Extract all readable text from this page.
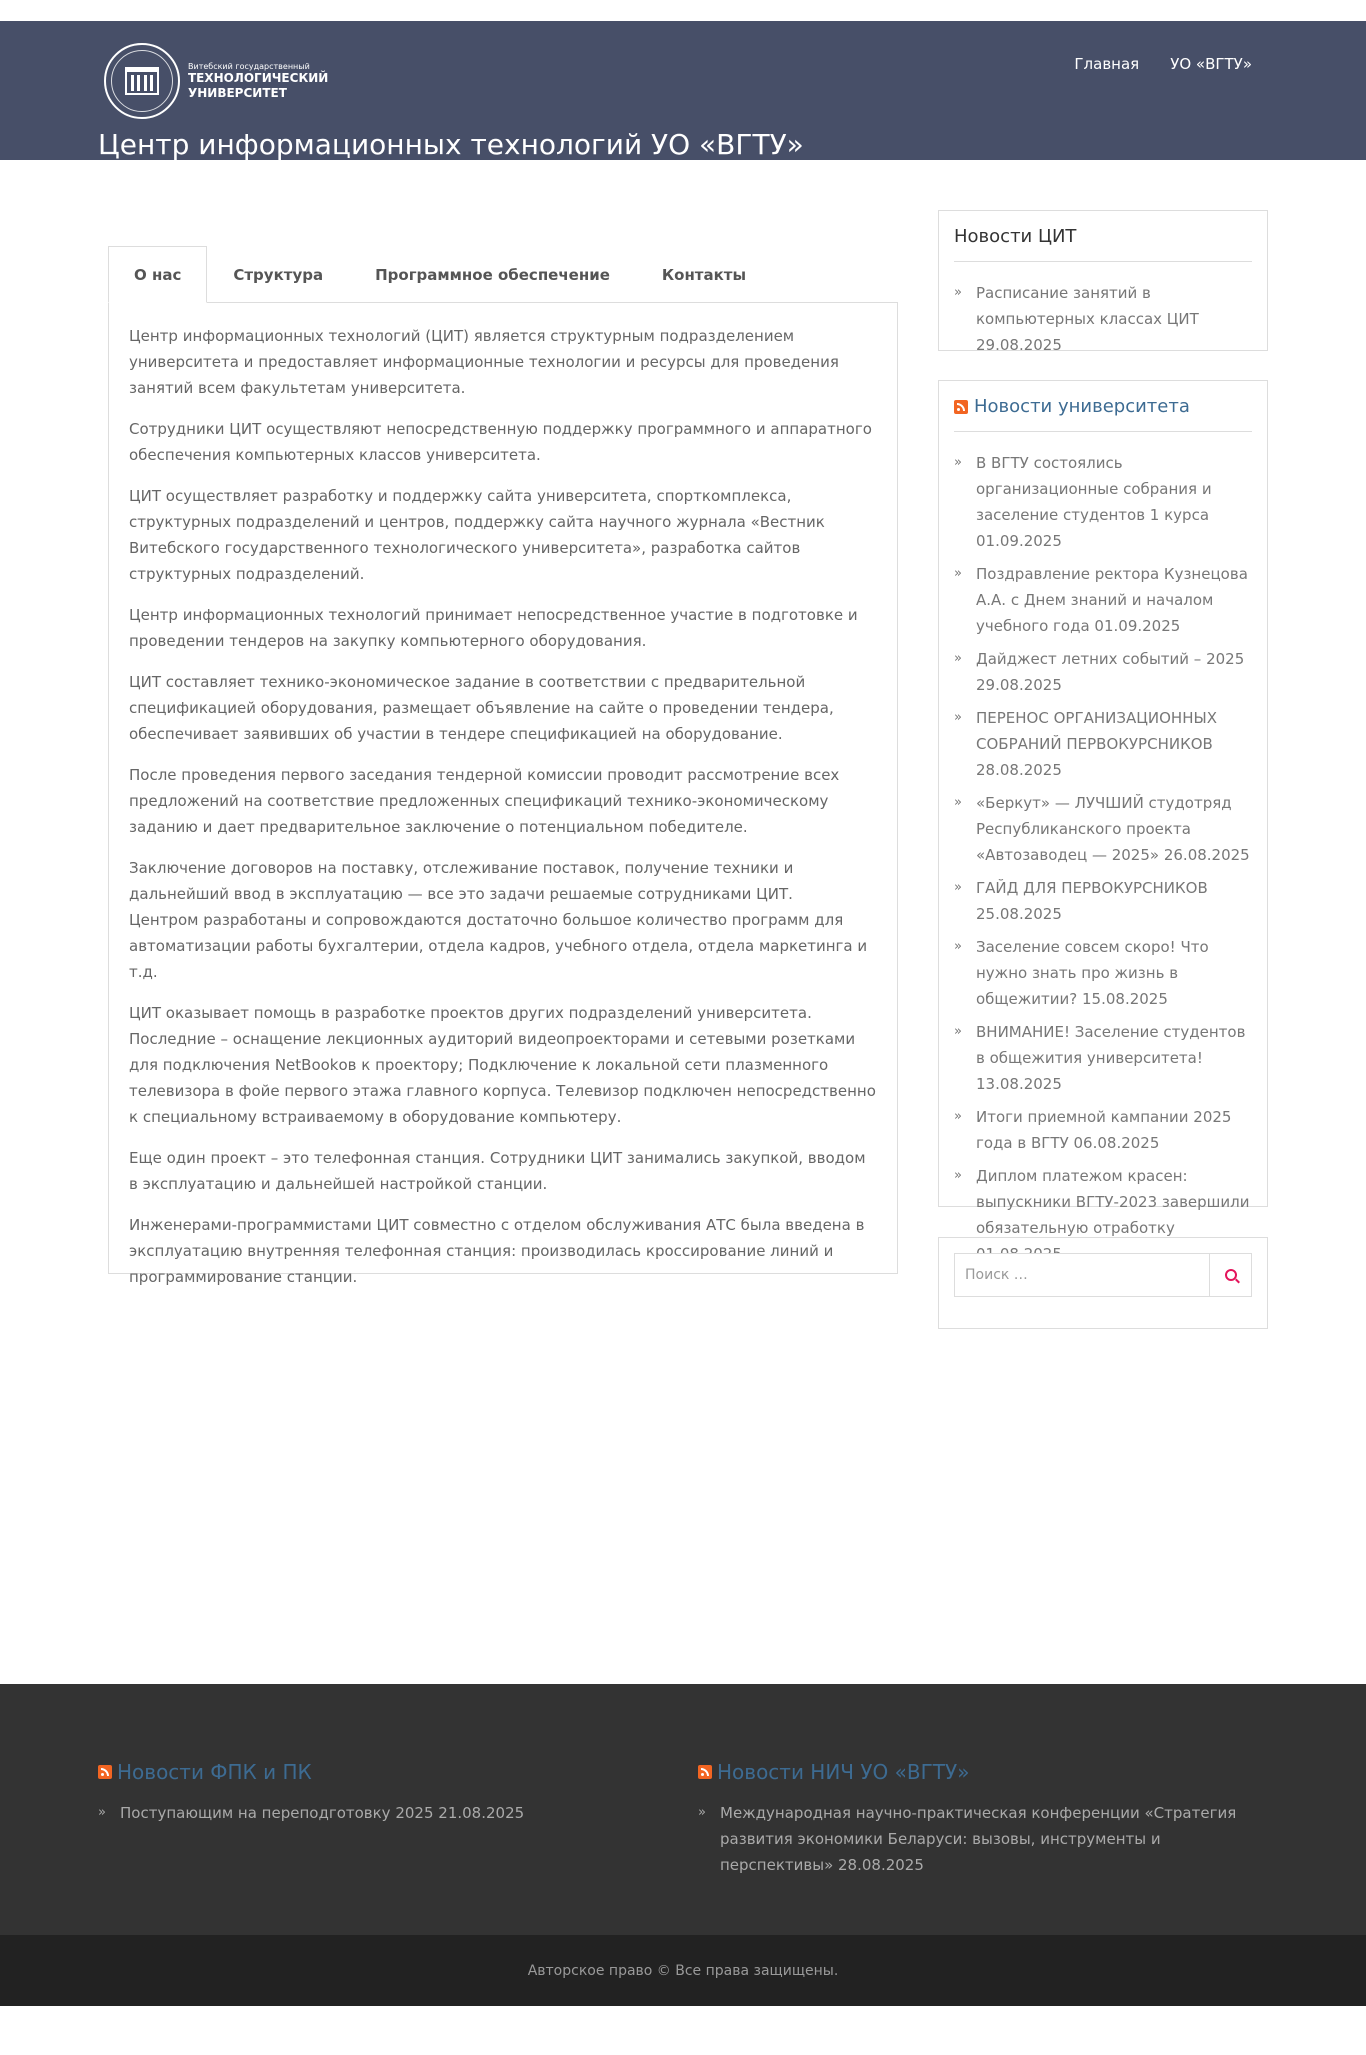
Витебский государственный
ТЕХНОЛОГИЧЕСКИЙ
УНИВЕРСИТЕТ
Главная УО «ВГТУ»
Центр информационных технологий УО «ВГТУ»
О нас	Структура	Программное обеспечение	Контакты

Центр информационных технологий (ЦИТ) является структурным подразделением университета и предоставляет информационные технологии и ресурсы для проведения занятий всем факультетам университета.

Сотрудники ЦИТ осуществляют непосредственную поддержку программного и аппаратного обеспечения компьютерных классов университета.

ЦИТ осуществляет разработку и поддержку сайта университета, спорткомплекса, структурных подразделений и центров, поддержку сайта научного журнала «Вестник Витебского государственного технологического университета», разработка сайтов структурных подразделений.

Центр информационных технологий принимает непосредственное участие в подготовке и проведении тендеров на закупку компьютерного оборудования.

ЦИТ составляет технико-экономическое задание в соответствии с предварительной спецификацией оборудования, размещает объявление на сайте о проведении тендера, обеспечивает заявивших об участии в тендере спецификацией на оборудование.

После проведения первого заседания тендерной комиссии проводит рассмотрение всех предложений на соответствие предложенных спецификаций технико-экономическому заданию и дает предварительное заключение о потенциальном победителе.

Заключение договоров на поставку, отслеживание поставок, получение техники и дальнейший ввод в эксплуатацию — все это задачи решаемые сотрудниками ЦИТ.
Центром разработаны и сопровождаются достаточно большое количество программ для автоматизации работы бухгалтерии, отдела кадров, учебного отдела, отдела маркетинга и т.д.

ЦИТ оказывает помощь в разработке проектов других подразделений университета. Последние – оснащение лекционных аудиторий видеопроекторами и сетевыми розетками для подключения NetBookов к проектору; Подключение к локальной сети плазменного телевизора в фойе первого этажа главного корпуса. Телевизор подключен непосредственно к специальному встраиваемому в оборудование компьютеру.

Еще один проект – это телефонная станция. Сотрудники ЦИТ занимались закупкой, вводом в эксплуатацию и дальнейшей настройкой станции.

Инженерами-программистами ЦИТ совместно с отделом обслуживания АТС была введена в эксплуатацию внутренняя телефонная станция: производилась кроссирование линий и программирование станции.

Новости ЦИТ
» Расписание занятий в компьютерных классах ЦИТ 29.08.2025
Новости университета
» В ВГТУ состоялись организационные собрания и заселение студентов 1 курса 01.09.2025
» Поздравление ректора Кузнецова А.А. с Днем знаний и началом учебного года 01.09.2025
» Дайджест летних событий – 2025 29.08.2025
» ПЕРЕНОС ОРГАНИЗАЦИОННЫХ СОБРАНИЙ ПЕРВОКУРСНИКОВ 28.08.2025
» «Беркут» — ЛУЧШИЙ студотряд Республиканского проекта «Автозаводец — 2025» 26.08.2025
» ГАЙД ДЛЯ ПЕРВОКУРСНИКОВ 25.08.2025
» Заселение совсем скоро! Что нужно знать про жизнь в общежитии? 15.08.2025
» ВНИМАНИЕ! Заселение студентов в общежития университета! 13.08.2025
» Итоги приемной кампании 2025 года в ВГТУ 06.08.2025
» Диплом платежом красен: выпускники ВГТУ-2023 завершили обязательную отработку
Поиск …
Новости ФПК и ПК
» Поступающим на переподготовку 2025 21.08.2025
Новости НИЧ УО «ВГТУ»
» Международная научно-практическая конференции «Стратегия развития экономики Беларуси: вызовы, инструменты и перспективы» 28.08.2025
Авторское право © Все права защищены.
